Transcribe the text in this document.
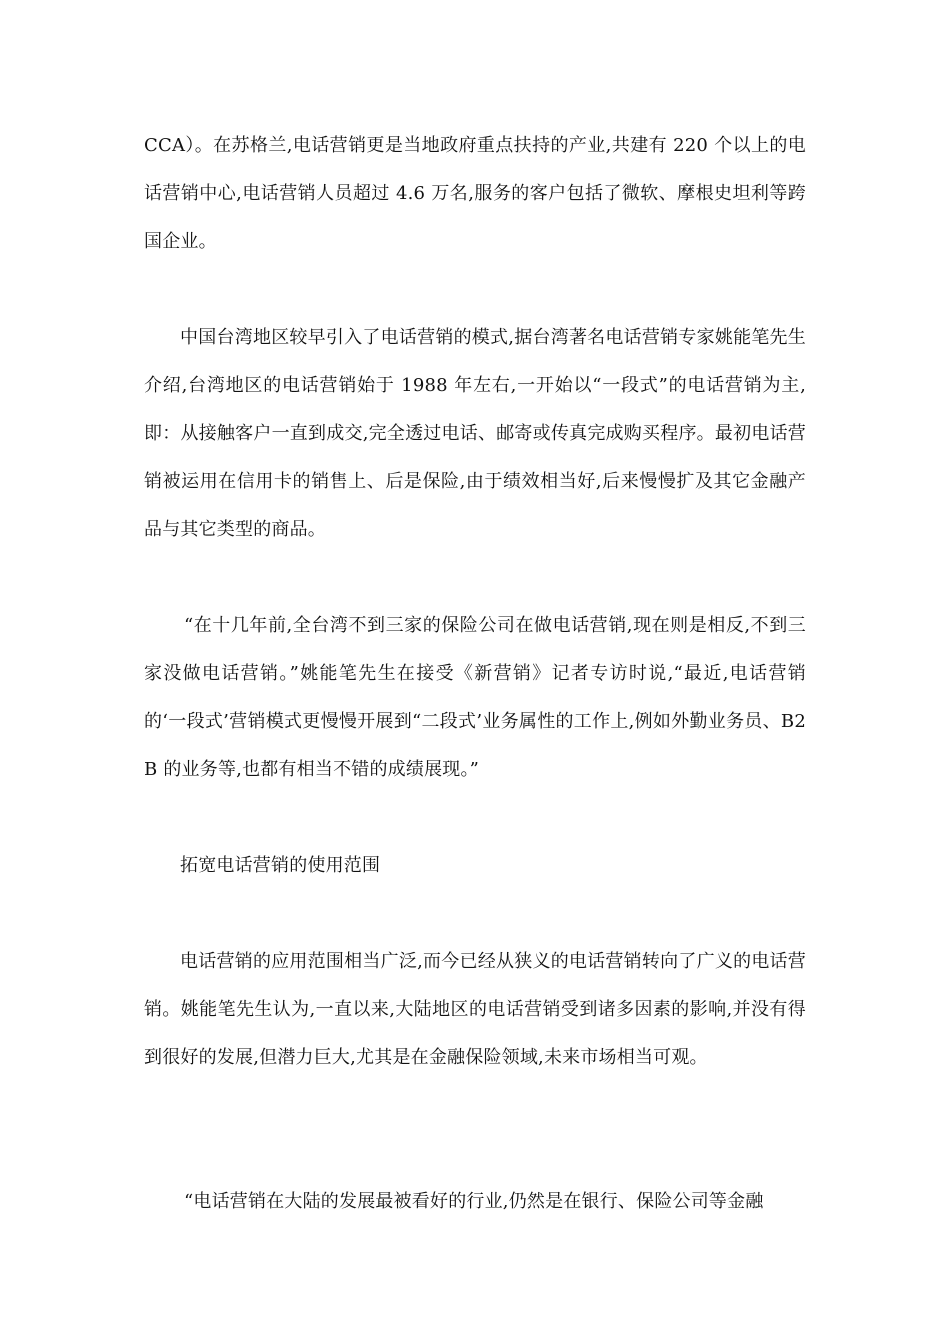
CCA）。在苏格兰,电话营销更是当地政府重点扶持的产业,共建有 220 个以上的电话营销中心,电话营销人员超过 4.6 万名,服务的客户包括了微软、摩根史坦利等跨国企业。

中国台湾地区较早引入了电话营销的模式,据台湾著名电话营销专家姚能笔先生介绍,台湾地区的电话营销始于 1988 年左右,一开始以“一段式”的电话营销为主,即：从接触客户一直到成交,完全透过电话、邮寄或传真完成购买程序。最初电话营销被运用在信用卡的销售上、后是保险,由于绩效相当好,后来慢慢扩及其它金融产品与其它类型的商品。

“在十几年前,全台湾不到三家的保险公司在做电话营销,现在则是相反,不到三家没做电话营销。”姚能笔先生在接受《新营销》记者专访时说,“最近,电话营销的‘一段式’营销模式更慢慢开展到“二段式’业务属性的工作上,例如外勤业务员、B2B 的业务等,也都有相当不错的成绩展现。”

拓宽电话营销的使用范围

电话营销的应用范围相当广泛,而今已经从狭义的电话营销转向了广义的电话营销。姚能笔先生认为,一直以来,大陆地区的电话营销受到诸多因素的影响,并没有得到很好的发展,但潜力巨大,尤其是在金融保险领域,未来市场相当可观。

“电话营销在大陆的发展最被看好的行业,仍然是在银行、保险公司等金融
